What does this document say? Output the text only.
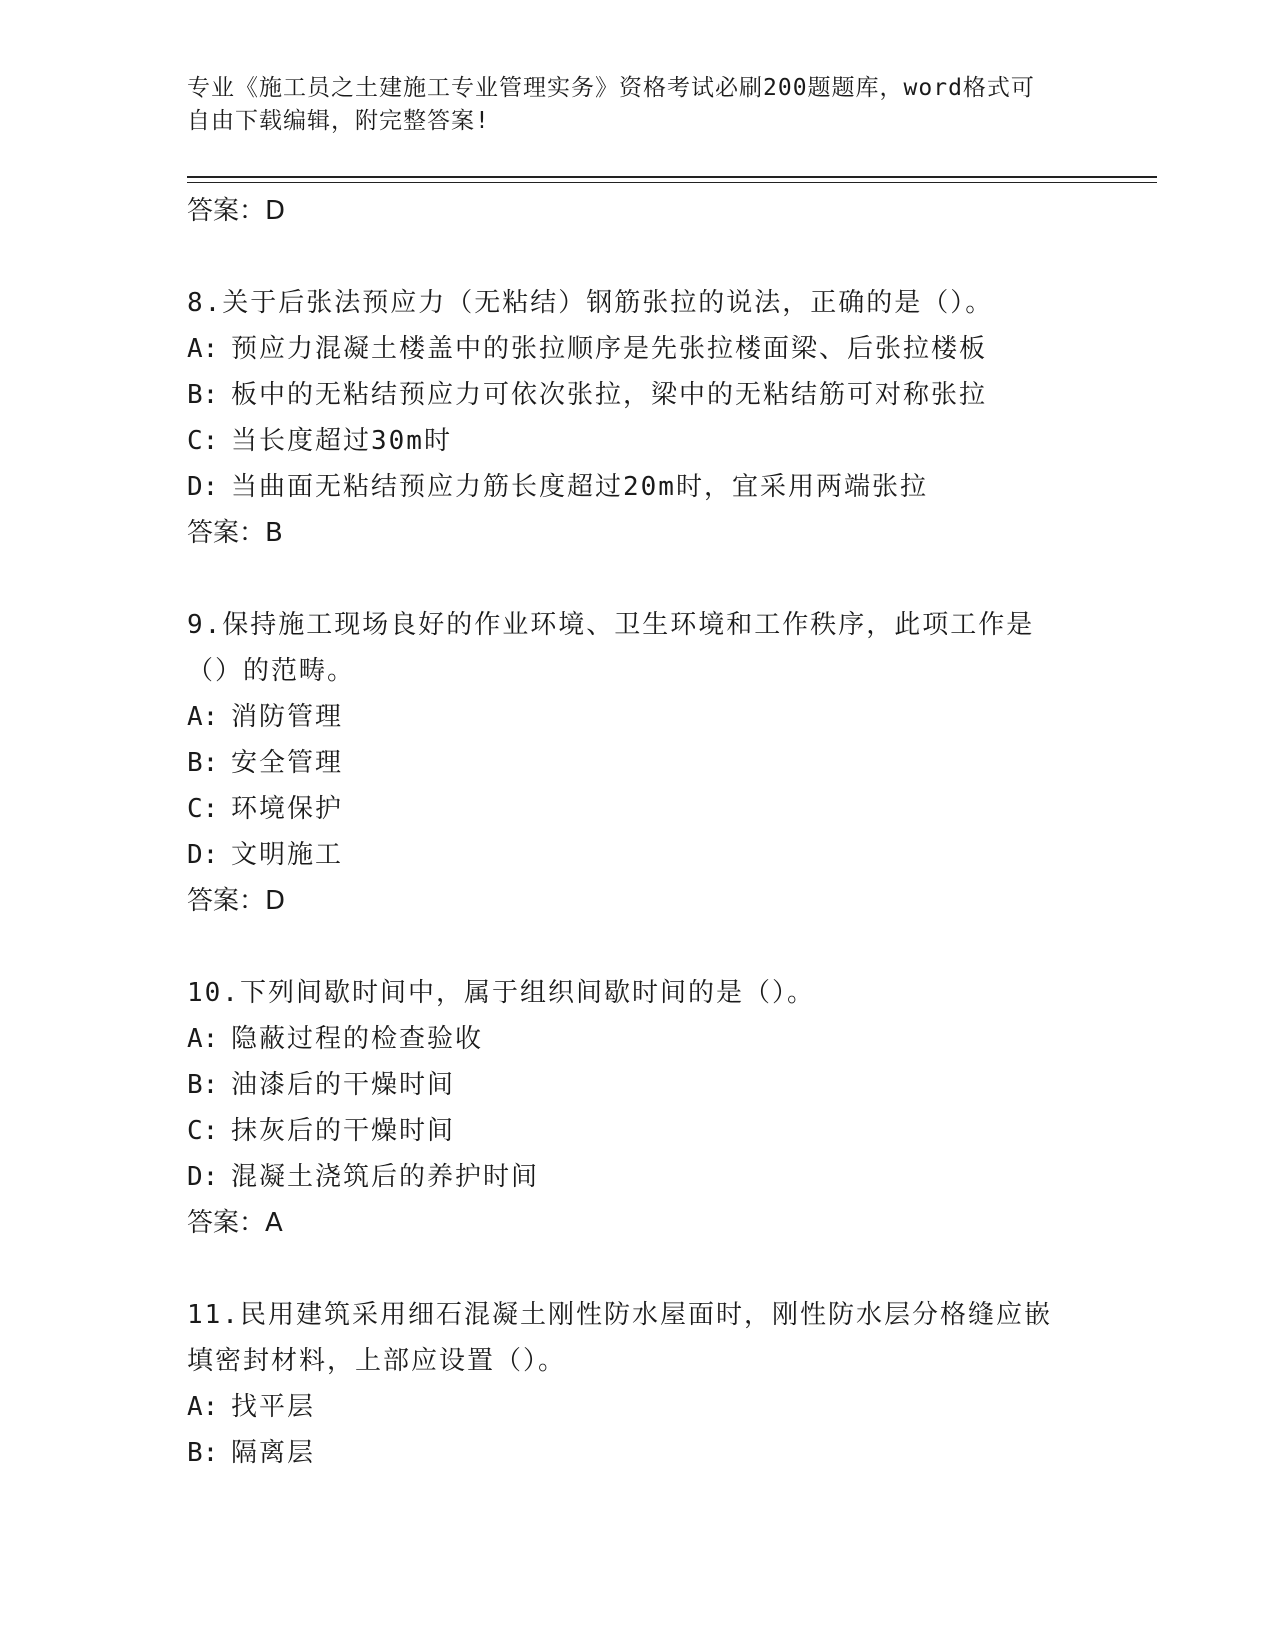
专业《施工员之土建施工专业管理实务》资格考试必刷200题题库，word格式可
自由下载编辑，附完整答案!
答案：D
8.关于后张法预应力（无粘结）钢筋张拉的说法，正确的是（）。
A: 预应力混凝土楼盖中的张拉顺序是先张拉楼面梁、后张拉楼板
B: 板中的无粘结预应力可依次张拉，梁中的无粘结筋可对称张拉
C: 当长度超过30m时
D: 当曲面无粘结预应力筋长度超过20m时，宜采用两端张拉
答案：B
9.保持施工现场良好的作业环境、卫生环境和工作秩序，此项工作是
（）的范畴。
A: 消防管理
B: 安全管理
C: 环境保护
D: 文明施工
答案：D
10.下列间歇时间中，属于组织间歇时间的是（）。
A: 隐蔽过程的检查验收
B: 油漆后的干燥时间
C: 抹灰后的干燥时间
D: 混凝土浇筑后的养护时间
答案：A
11.民用建筑采用细石混凝土刚性防水屋面时，刚性防水层分格缝应嵌
填密封材料，上部应设置（）。
A: 找平层
B: 隔离层
